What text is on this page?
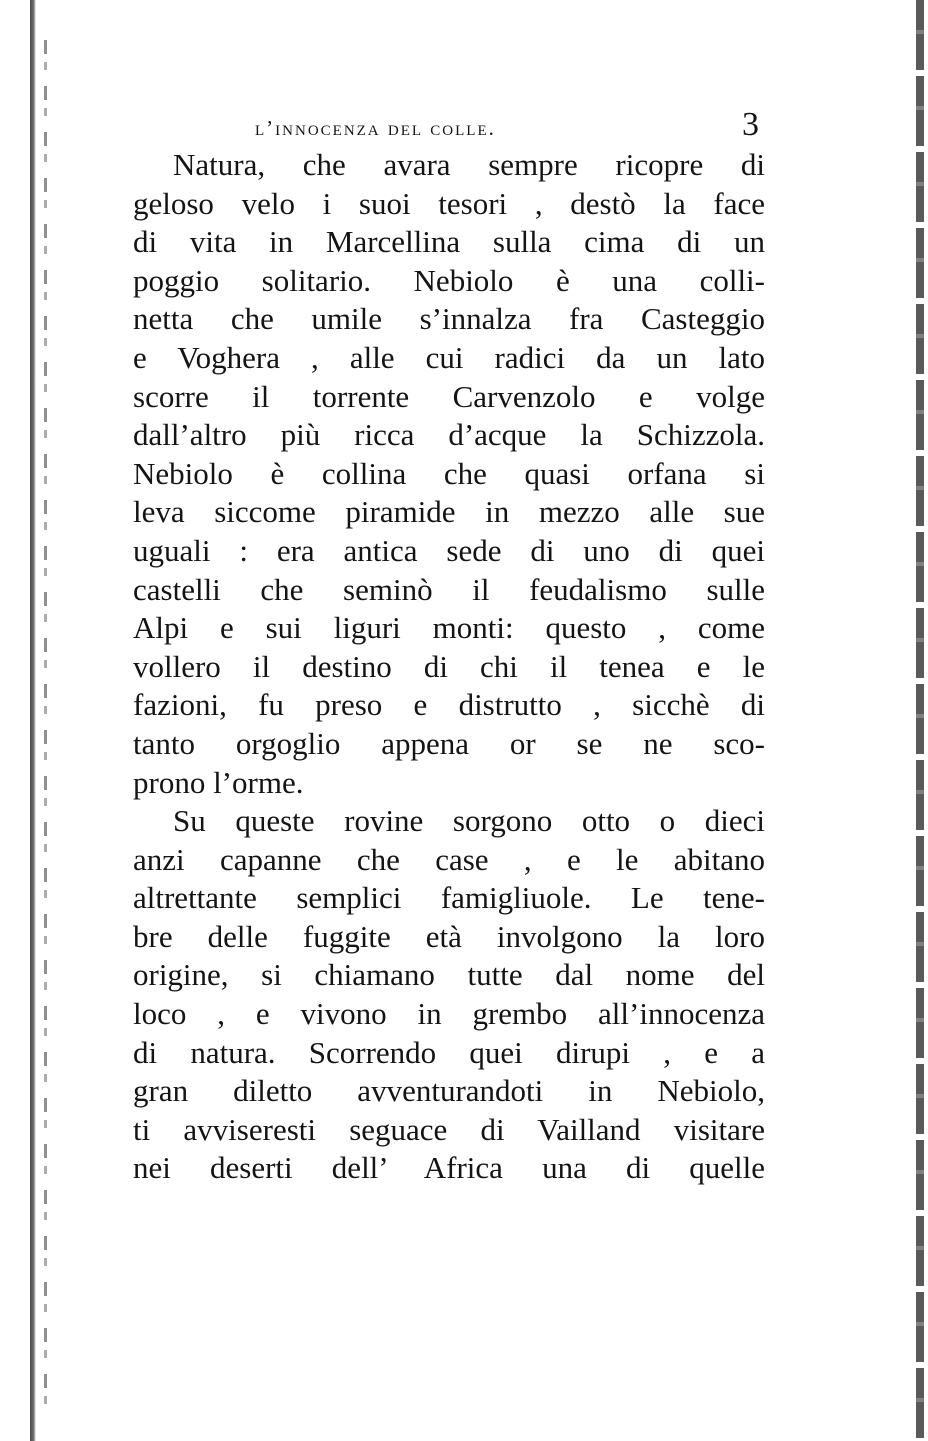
l’innocenza del colle.	3
Natura, che avara sempre ricopre di
geloso velo i suoi tesori , destò la face
di vita in Marcellina sulla cima di un
poggio solitario. Nebiolo è una colli-
netta che umile s’innalza fra Casteggio
e Voghera , alle cui radici da un lato
scorre il torrente Carvenzolo e volge
dall’altro più ricca d’acque la Schizzola.
Nebiolo è collina che quasi orfana si
leva siccome piramide in mezzo alle sue
uguali : era antica sede di uno di quei
castelli che seminò il feudalismo sulle
Alpi e sui liguri monti: questo , come
vollero il destino di chi il tenea e le
fazioni, fu preso e distrutto , sicchè di
tanto orgoglio appena or se ne sco-
prono l’orme.
Su queste rovine sorgono otto o dieci
anzi capanne che case , e le abitano
altrettante semplici famigliuole. Le tene-
bre delle fuggite età involgono la loro
origine, si chiamano tutte dal nome del
loco , e vivono in grembo all’innocenza
di natura. Scorrendo quei dirupi , e a
gran diletto avventurandoti in Nebiolo,
ti avviseresti seguace di Vailland visitare
nei deserti dell’ Africa una di quelle
